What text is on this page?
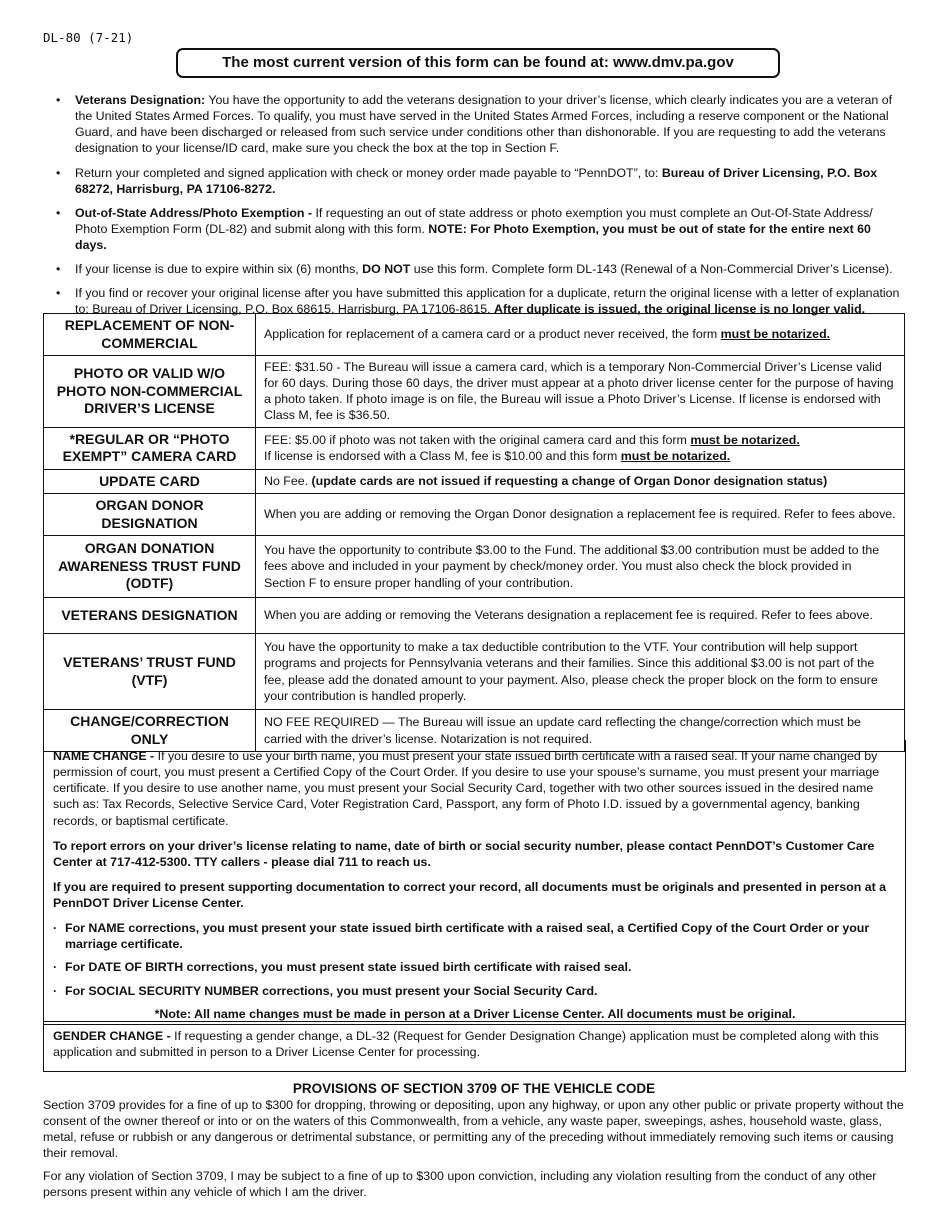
DL-80 (7-21)
The most current version of this form can be found at: www.dmv.pa.gov
• Veterans Designation: You have the opportunity to add the veterans designation to your driver’s license, which clearly indicates you are a veteran of the United States Armed Forces. To qualify, you must have served in the United States Armed Forces, including a reserve component or the National Guard, and have been discharged or released from such service under conditions other than dishonorable. If you are requesting to add the veterans designation to your license/ID card, make sure you check the box at the top in Section F.
• Return your completed and signed application with check or money order made payable to “PennDOT”, to: Bureau of Driver Licensing, P.O. Box 68272, Harrisburg, PA 17106-8272.
• Out-of-State Address/Photo Exemption - If requesting an out of state address or photo exemption you must complete an Out-Of-State Address/ Photo Exemption Form (DL-82) and submit along with this form. NOTE: For Photo Exemption, you must be out of state for the entire next 60 days.
• If your license is due to expire within six (6) months, DO NOT use this form. Complete form DL-143 (Renewal of a Non-Commercial Driver’s License).
• If you find or recover your original license after you have submitted this application for a duplicate, return the original license with a letter of explanation to: Bureau of Driver Licensing, P.O. Box 68615, Harrisburg, PA 17106-8615. After duplicate is issued, the original license is no longer valid.
REPLACEMENT OF NON-COMMERCIAL	Application for replacement of a camera card or a product never received, the form must be notarized.
PHOTO OR VALID W/O PHOTO NON-COMMERCIAL DRIVER’S LICENSE	FEE: $31.50 - The Bureau will issue a camera card, which is a temporary Non-Commercial Driver’s License valid for 60 days. During those 60 days, the driver must appear at a photo driver license center for the purpose of having a photo taken. If photo image is on file, the Bureau will issue a Photo Driver’s License. If license is endorsed with Class M, fee is $36.50.
*REGULAR OR “PHOTO EXEMPT” CAMERA CARD	FEE: $5.00 if photo was not taken with the original camera card and this form must be notarized.
If license is endorsed with a Class M, fee is $10.00 and this form must be notarized.
UPDATE CARD	No Fee. (update cards are not issued if requesting a change of Organ Donor designation status)
ORGAN DONOR DESIGNATION	When you are adding or removing the Organ Donor designation a replacement fee is required. Refer to fees above.
ORGAN DONATION AWARENESS TRUST FUND (ODTF)	You have the opportunity to contribute $3.00 to the Fund. The additional $3.00 contribution must be added to the fees above and included in your payment by check/money order. You must also check the block provided in Section F to ensure proper handling of your contribution.
VETERANS DESIGNATION	When you are adding or removing the Veterans designation a replacement fee is required. Refer to fees above.
VETERANS’ TRUST FUND (VTF)	You have the opportunity to make a tax deductible contribution to the VTF. Your contribution will help support programs and projects for Pennsylvania veterans and their families. Since this additional $3.00 is not part of the fee, please add the donated amount to your payment. Also, please check the proper block on the form to ensure your contribution is handled properly.
CHANGE/CORRECTION ONLY	NO FEE REQUIRED — The Bureau will issue an update card reflecting the change/correction which must be carried with the driver’s license. Notarization is not required.

NAME CHANGE - If you desire to use your birth name, you must present your state issued birth certificate with a raised seal. If your name changed by permission of court, you must present a Certified Copy of the Court Order. If you desire to use your spouse’s surname, you must present your marriage certificate. If you desire to use another name, you must present your Social Security Card, together with two other sources issued in the desired name such as: Tax Records, Selective Service Card, Voter Registration Card, Passport, any form of Photo I.D. issued by a governmental agency, banking records, or baptismal certificate.

To report errors on your driver’s license relating to name, date of birth or social security number, please contact PennDOT’s Customer Care Center at 717-412-5300. TTY callers - please dial 711 to reach us.

If you are required to present supporting documentation to correct your record, all documents must be originals and presented in person at a PennDOT Driver License Center.

· For NAME corrections, you must present your state issued birth certificate with a raised seal, a Certified Copy of the Court Order or your marriage certificate.
· For DATE OF BIRTH corrections, you must present state issued birth certificate with raised seal.
· For SOCIAL SECURITY NUMBER corrections, you must present your Social Security Card.
*Note: All name changes must be made in person at a Driver License Center. All documents must be original.
GENDER CHANGE - If requesting a gender change, a DL-32 (Request for Gender Designation Change) application must be completed along with this application and submitted in person to a Driver License Center for processing.
PROVISIONS OF SECTION 3709 OF THE VEHICLE CODE

Section 3709 provides for a fine of up to $300 for dropping, throwing or depositing, upon any highway, or upon any other public or private property without the consent of the owner thereof or into or on the waters of this Commonwealth, from a vehicle, any waste paper, sweepings, ashes, household waste, glass, metal, refuse or rubbish or any dangerous or detrimental substance, or permitting any of the preceding without immediately removing such items or causing their removal.

For any violation of Section 3709, I may be subject to a fine of up to $300 upon conviction, including any violation resulting from the conduct of any other persons present within any vehicle of which I am the driver.
